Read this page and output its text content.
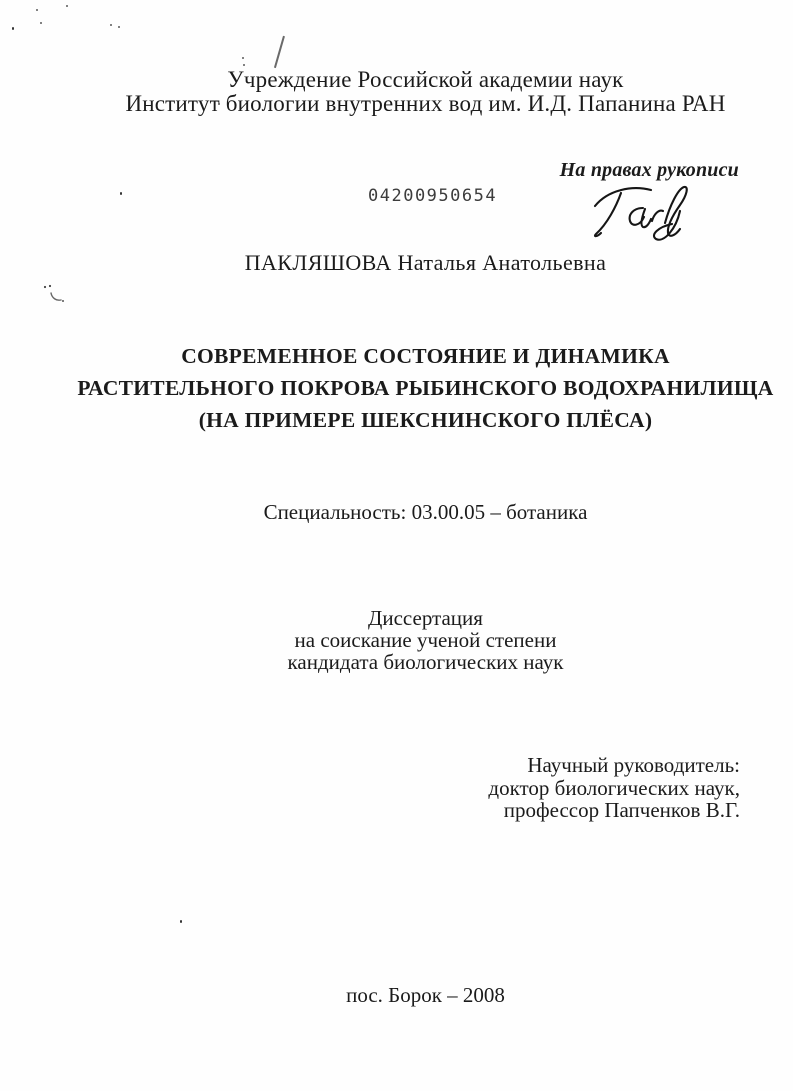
Учреждение Российской академии наук
Институт биологии внутренних вод им. И.Д. Папанина РАН
На правах рукописи
04200950654
ПАКЛЯШОВА Наталья Анатольевна
СОВРЕМЕННОЕ СОСТОЯНИЕ И ДИНАМИКА
РАСТИТЕЛЬНОГО ПОКРОВА РЫБИНСКОГО ВОДОХРАНИЛИЩА
(НА ПРИМЕРЕ ШЕКСНИНСКОГО ПЛЁСА)
Специальность: 03.00.05 – ботаника
Диссертация
на соискание ученой степени
кандидата биологических наук
Научный руководитель:
доктор биологических наук,
профессор Папченков В.Г.
пос. Борок – 2008
